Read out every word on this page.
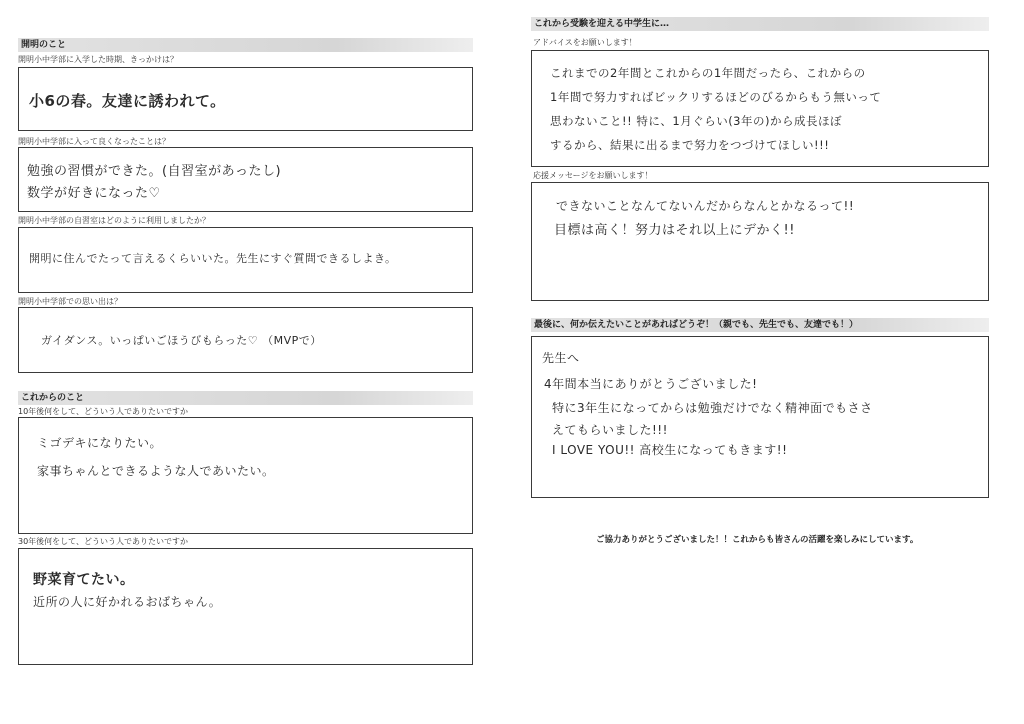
開明のこと
開明小中学部に入学した時期、きっかけは？
小6の春。友達に誘われて。
開明小中学部に入って良くなったことは？
勉強の習慣ができた。(自習室があったし)
数学が好きになった♡
開明小中学部の自習室はどのように利用しましたか？
開明に住んでたって言えるくらいいた。先生にすぐ質問できるしよき。
開明小中学部での思い出は？
ガイダンス。いっぱいごほうびもらった♡ （MVPで）
これからのこと
10年後何をして、どういう人でありたいですか
ミゴデキになりたい。
家事ちゃんとできるような人であいたい。
30年後何をして、どういう人でありたいですか
野菜育てたい。
近所の人に好かれるおばちゃん。
これから受験を迎える中学生に…
アドバイスをお願いします！
これまでの2年間とこれからの1年間だったら、これからの
1年間で努力すればビックリするほどのびるからもう無いって
思わないこと!! 特に、1月ぐらい(3年の)から成長ほぼ
するから、結果に出るまで努力をつづけてほしい!!!
応援メッセージをお願いします！
できないことなんてないんだからなんとかなるって!!
目標は高く！努力はそれ以上にデかく!!
最後に、何か伝えたいことがあればどうぞ！（親でも、先生でも、友達でも！）
先生へ
4年間本当にありがとうございました!
特に3年生になってからは勉強だけでなく精神面でもささ
えてもらいました!!!
I LOVE YOU!! 高校生になってもきます!!
ご協力ありがとうございました！！これからも皆さんの活躍を楽しみにしています。
